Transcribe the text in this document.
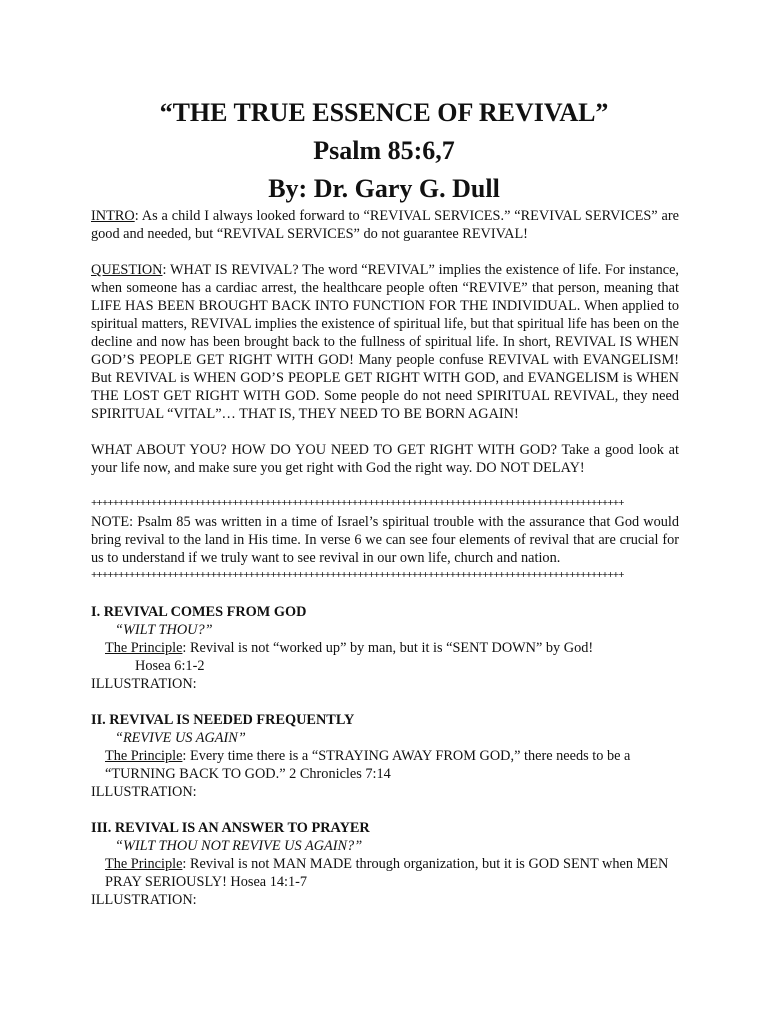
“THE TRUE ESSENCE OF REVIVAL”
Psalm 85:6,7
By: Dr. Gary G. Dull

INTRO: As a child I always looked forward to “REVIVAL SERVICES.” “REVIVAL SERVICES” are good and needed, but “REVIVAL SERVICES” do not guarantee REVIVAL!

QUESTION: WHAT IS REVIVAL? The word “REVIVAL” implies the existence of life. For instance, when someone has a cardiac arrest, the healthcare people often “REVIVE” that person, meaning that LIFE HAS BEEN BROUGHT BACK INTO FUNCTION FOR THE INDIVIDUAL. When applied to spiritual matters, REVIVAL implies the existence of spiritual life, but that spiritual life has been on the decline and now has been brought back to the fullness of spiritual life. In short, REVIVAL IS WHEN GOD’S PEOPLE GET RIGHT WITH GOD! Many people confuse REVIVAL with EVANGELISM! But REVIVAL is WHEN GOD’S PEOPLE GET RIGHT WITH GOD, and EVANGELISM is WHEN THE LOST GET RIGHT WITH GOD. Some people do not need SPIRITUAL REVIVAL, they need SPIRITUAL “VITAL”… THAT IS, THEY NEED TO BE BORN AGAIN!

WHAT ABOUT YOU? HOW DO YOU NEED TO GET RIGHT WITH GOD? Take a good look at your life now, and make sure you get right with God the right way. DO NOT DELAY!

++++++++++++++++++++++++++++++++++++++++++++++++++++++++++++++++++++++++++++++++++++++++++++++++++

NOTE: Psalm 85 was written in a time of Israel’s spiritual trouble with the assurance that God would bring revival to the land in His time. In verse 6 we can see four elements of revival that are crucial for us to understand if we truly want to see revival in our own life, church and nation.

++++++++++++++++++++++++++++++++++++++++++++++++++++++++++++++++++++++++++++++++++++++++++++++++++
I. REVIVAL COMES FROM GOD
“WILT THOU?”
The Principle: Revival is not “worked up” by man, but it is “SENT DOWN” by God!
Hosea 6:1-2
ILLUSTRATION:
II. REVIVAL IS NEEDED FREQUENTLY
“REVIVE US AGAIN”
The Principle: Every time there is a “STRAYING AWAY FROM GOD,” there needs to be a “TURNING BACK TO GOD.” 2 Chronicles 7:14
ILLUSTRATION:
III. REVIVAL IS AN ANSWER TO PRAYER
“WILT THOU NOT REVIVE US AGAIN?”
The Principle: Revival is not MAN MADE through organization, but it is GOD SENT when MEN PRAY SERIOUSLY! Hosea 14:1-7
ILLUSTRATION:
